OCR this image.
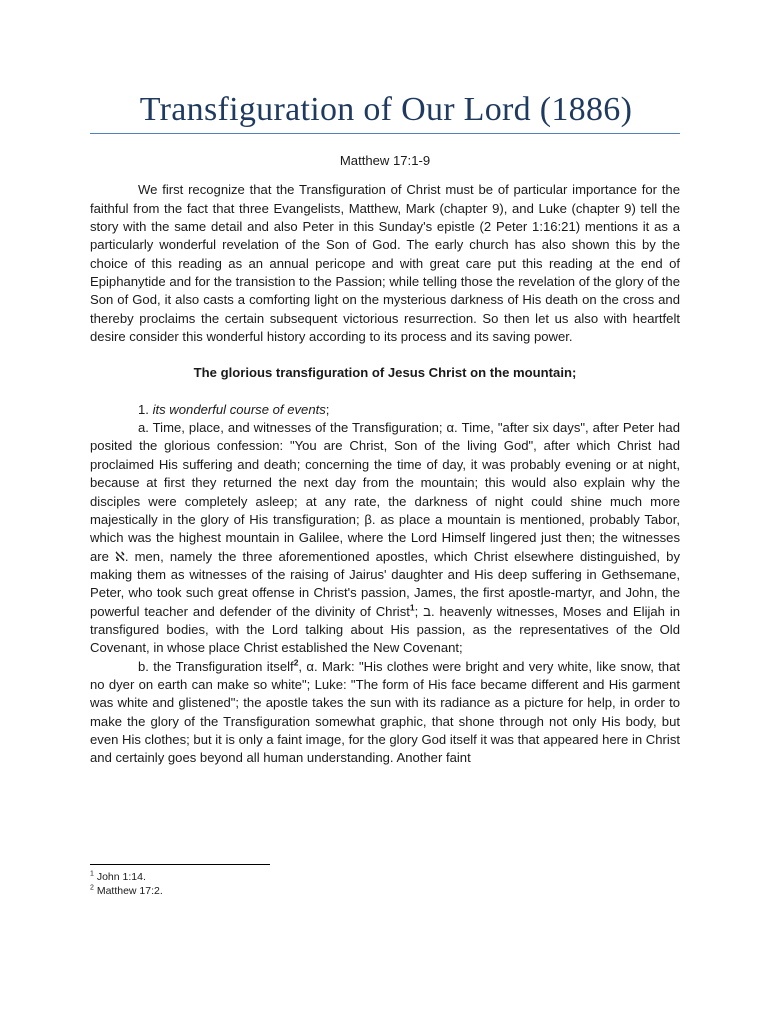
Transfiguration of Our Lord (1886)

Matthew 17:1-9

We first recognize that the Transfiguration of Christ must be of particular importance for the faithful from the fact that three Evangelists, Matthew, Mark (chapter 9), and Luke (chapter 9) tell the story with the same detail and also Peter in this Sunday's epistle (2 Peter 1:16:21) mentions it as a particularly wonderful revelation of the Son of God. The early church has also shown this by the choice of this reading as an annual pericope and with great care put this reading at the end of Epiphanytide and for the transistion to the Passion; while telling those the revelation of the glory of the Son of God, it also casts a comforting light on the mysterious darkness of His death on the cross and thereby proclaims the certain subsequent victorious resurrection. So then let us also with heartfelt desire consider this wonderful history according to its process and its saving power.

The glorious transfiguration of Jesus Christ on the mountain;

1. its wonderful course of events;

a. Time, place, and witnesses of the Transfiguration; α. Time, "after six days", after Peter had posited the glorious confession: "You are Christ, Son of the living God", after which Christ had proclaimed His suffering and death; concerning the time of day, it was probably evening or at night, because at first they returned the next day from the mountain; this would also explain why the disciples were completely asleep; at any rate, the darkness of night could shine much more majestically in the glory of His transfiguration; β. as place a mountain is mentioned, probably Tabor, which was the highest mountain in Galilee, where the Lord Himself lingered just then; the witnesses are ℵ. men, namely the three aforementioned apostles, which Christ elsewhere distinguished, by making them as witnesses of the raising of Jairus' daughter and His deep suffering in Gethsemane, Peter, who took such great offense in Christ's passion, James, the first apostle-martyr, and John, the powerful teacher and defender of the divinity of Christ$^1$; ב. heavenly witnesses, Moses and Elijah in transfigured bodies, with the Lord talking about His passion, as the representatives of the Old Covenant, in whose place Christ established the New Covenant;

b. the Transfiguration itself$^2$, α. Mark: "His clothes were bright and very white, like snow, that no dyer on earth can make so white"; Luke: "The form of His face became different and His garment was white and glistened"; the apostle takes the sun with its radiance as a picture for help, in order to make the glory of the Transfiguration somewhat graphic, that shone through not only His body, but even His clothes; but it is only a faint image, for the glory God itself it was that appeared here in Christ and certainly goes beyond all human understanding. Another faint

$^1$ John 1:14.
$^2$ Matthew 17:2.
